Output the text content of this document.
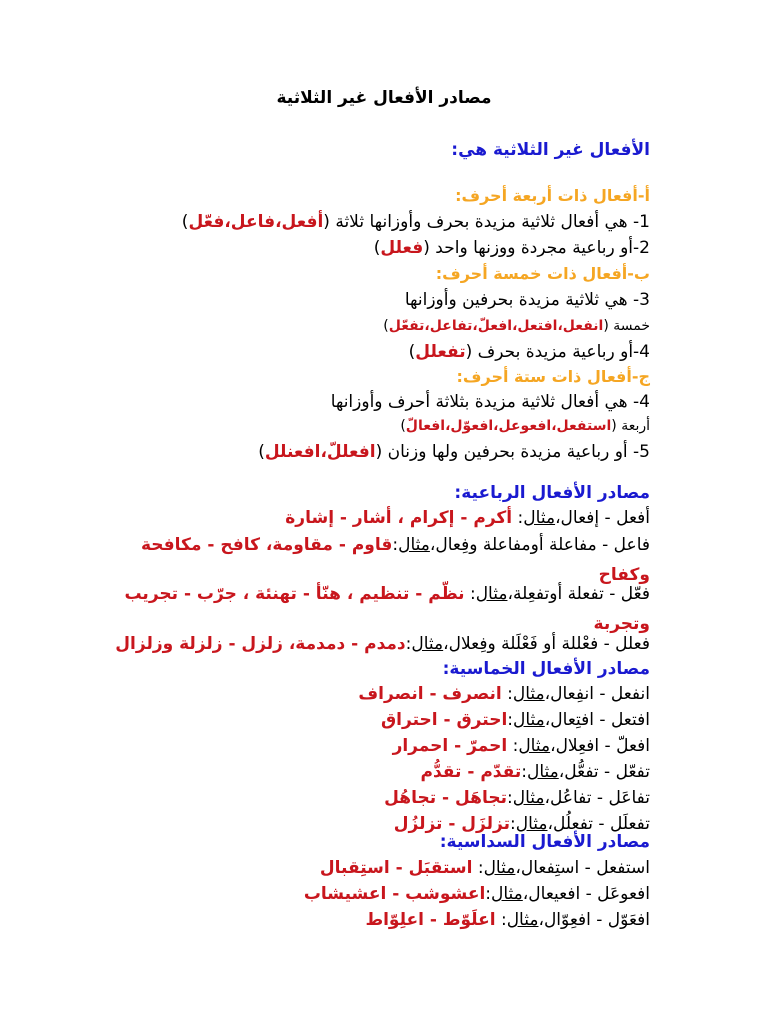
مصادر الأفعال غير الثلاثية
الأفعال غير الثلاثية هي:
أ-أفعال ذات أربعة أحرف:
1- هي أفعال ثلاثية مزيدة بحرف وأوزانها ثلاثة (أفعل،فاعل،فعّل)
2-أو رباعية مجردة ووزنها واحد (فعلل)
ب-أفعال ذات خمسة أحرف:
3- هي ثلاثية مزيدة بحرفين وأوزانها
خمسة (انفعل،افتعل،افعلّ،تفاعل،تفعّل)
4-أو رباعية مزيدة بحرف (تفعلل)
ج-أفعال ذات ستة أحرف:
4- هي أفعال ثلاثية مزيدة بثلاثة أحرف وأوزانها
أربعة (استفعل،افعوعل،افعوّل،افعالّ)
5- أو رباعية مزيدة بحرفين ولها وزنان (افعللّ،افعنلل)
مصادر الأفعال الرباعية:
أفعل - إفعال،مثال: أكرم - إكرام ، أشار - إشارة
فاعل - مفاعلة أومفاعلة وفِعال،مثال:قاوم - مقاومة، كافح - مكافحة وكفاح
فعّل - تفعلة أوتفعِلة،مثال: نظّم - تنظيم ، هنّأ - تهنئة ، جرّب - تجريب وتجربة
فعلل - فعْللة أو فَعْلَلة وفِعلال،مثال:دمدم - دمدمة، زلزل - زلزلة وزلزال
مصادر الأفعال الخماسية:
انفعل - انفِعال،مثال: انصرف - انصراف
افتعل - افتِعال،مثال:احترق - احتراق
افعلّ - افعِلال،مثال: احمرّ - احمرار
تفعّل - تفعُّل،مثال:تقدّم - تقدُّم
تفاعَل - تفاعُل،مثال:تجاهَل - تجاهُل
تفعلَل - تفعلُل،مثال:تزلزَل - تزلزُل
مصادر الأفعال السداسية:
استفعل - استِفعال،مثال: استقبَل - استِقبال
افعوعَل - افعيعال،مثال:اعشوشب - اعشيشاب
افعَوّل - افعِوّال،مثال: اعلَوّط - اعلِوّاط
